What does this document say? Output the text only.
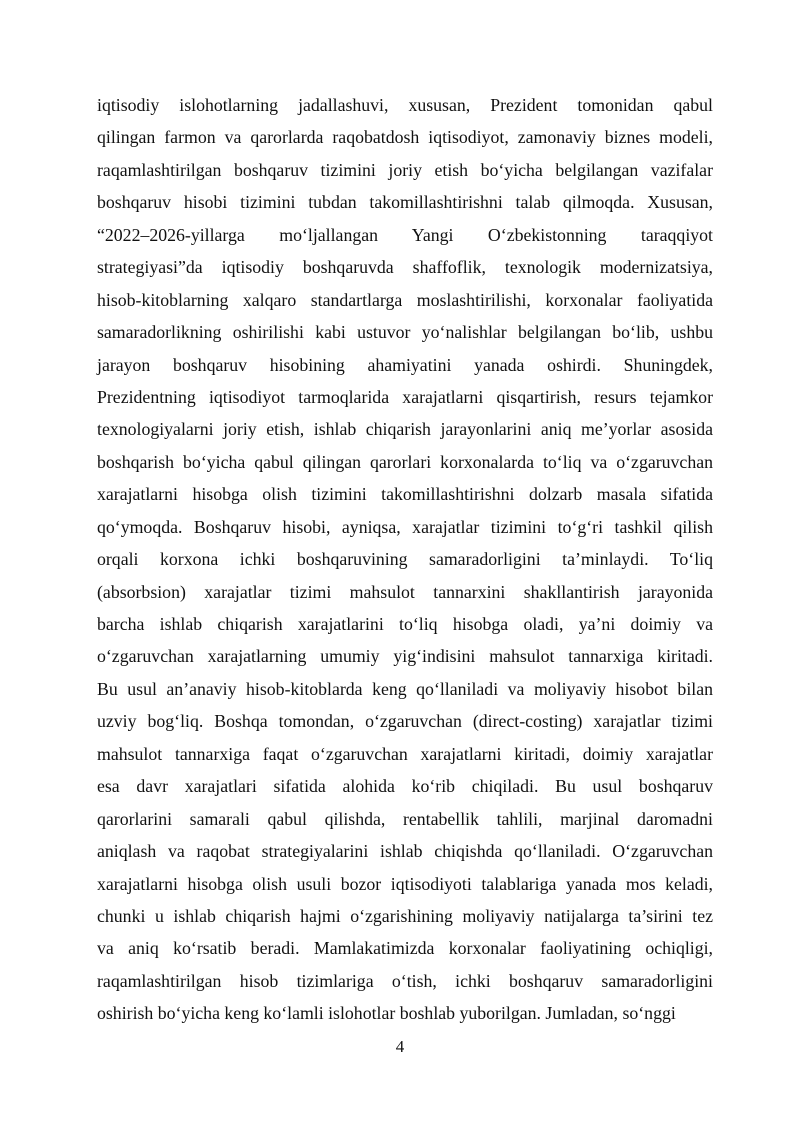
iqtisodiy islohotlarning jadallashuvi, xususan, Prezident tomonidan qabul
qilingan farmon va qarorlarda raqobatdosh iqtisodiyot, zamonaviy biznes modeli,
raqamlashtirilgan boshqaruv tizimini joriy etish bo‘yicha belgilangan vazifalar
boshqaruv hisobi tizimini tubdan takomillashtirishni talab qilmoqda. Xususan,
“2022–2026-yillarga mo‘ljallangan Yangi O‘zbekistonning taraqqiyot
strategiyasi”da iqtisodiy boshqaruvda shaffoflik, texnologik modernizatsiya,
hisob-kitoblarning xalqaro standartlarga moslashtirilishi, korxonalar faoliyatida
samaradorlikning oshirilishi kabi ustuvor yo‘nalishlar belgilangan bo‘lib, ushbu
jarayon boshqaruv hisobining ahamiyatini yanada oshirdi. Shuningdek,
Prezidentning iqtisodiyot tarmoqlarida xarajatlarni qisqartirish, resurs tejamkor
texnologiyalarni joriy etish, ishlab chiqarish jarayonlarini aniq me’yorlar asosida
boshqarish bo‘yicha qabul qilingan qarorlari korxonalarda to‘liq va o‘zgaruvchan
xarajatlarni hisobga olish tizimini takomillashtirishni dolzarb masala sifatida
qo‘ymoqda. Boshqaruv hisobi, ayniqsa, xarajatlar tizimini to‘g‘ri tashkil qilish
orqali korxona ichki boshqaruvining samaradorligini ta’minlaydi. To‘liq
(absorbsion) xarajatlar tizimi mahsulot tannarxini shakllantirish jarayonida
barcha ishlab chiqarish xarajatlarini to‘liq hisobga oladi, ya’ni doimiy va
o‘zgaruvchan xarajatlarning umumiy yig‘indisini mahsulot tannarxiga kiritadi.
Bu usul an’anaviy hisob-kitoblarda keng qo‘llaniladi va moliyaviy hisobot bilan
uzviy bog‘liq. Boshqa tomondan, o‘zgaruvchan (direct-costing) xarajatlar tizimi
mahsulot tannarxiga faqat o‘zgaruvchan xarajatlarni kiritadi, doimiy xarajatlar
esa davr xarajatlari sifatida alohida ko‘rib chiqiladi. Bu usul boshqaruv
qarorlarini samarali qabul qilishda, rentabellik tahlili, marjinal daromadni
aniqlash va raqobat strategiyalarini ishlab chiqishda qo‘llaniladi. O‘zgaruvchan
xarajatlarni hisobga olish usuli bozor iqtisodiyoti talablariga yanada mos keladi,
chunki u ishlab chiqarish hajmi o‘zgarishining moliyaviy natijalarga ta’sirini tez
va aniq ko‘rsatib beradi. Mamlakatimizda korxonalar faoliyatining ochiqligi,
raqamlashtirilgan hisob tizimlariga o‘tish, ichki boshqaruv samaradorligini
oshirish bo‘yicha keng ko‘lamli islohotlar boshlab yuborilgan. Jumladan, so‘nggi
4
